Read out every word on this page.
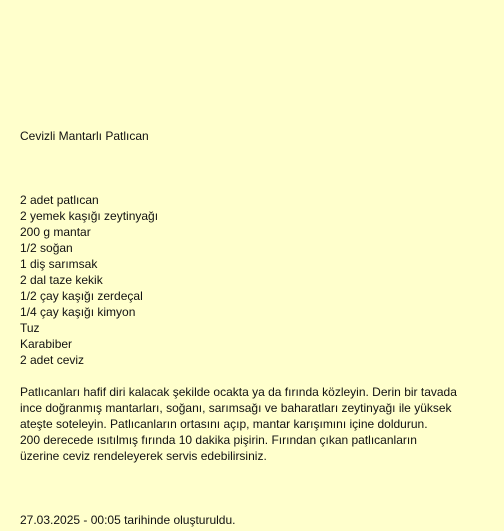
Cevizli Mantarlı Patlıcan
2 adet patlıcan
2 yemek kaşığı zeytinyağı
200 g mantar
1/2 soğan
1 diş sarımsak
2 dal taze kekik
1/2 çay kaşığı zerdeçal
1/4 çay kaşığı kimyon
Tuz
Karabiber
2 adet ceviz
Patlıcanları hafif diri kalacak şekilde ocakta ya da fırında közleyin. Derin bir tavada
ince doğranmış mantarları, soğanı, sarımsağı ve baharatları zeytinyağı ile yüksek
ateşte soteleyin. Patlıcanların ortasını açıp, mantar karışımını içine doldurun.
200 derecede ısıtılmış fırında 10 dakika pişirin. Fırından çıkan patlıcanların
üzerine ceviz rendeleyerek servis edebilirsiniz.
27.03.2025 - 00:05 tarihinde oluşturuldu.
